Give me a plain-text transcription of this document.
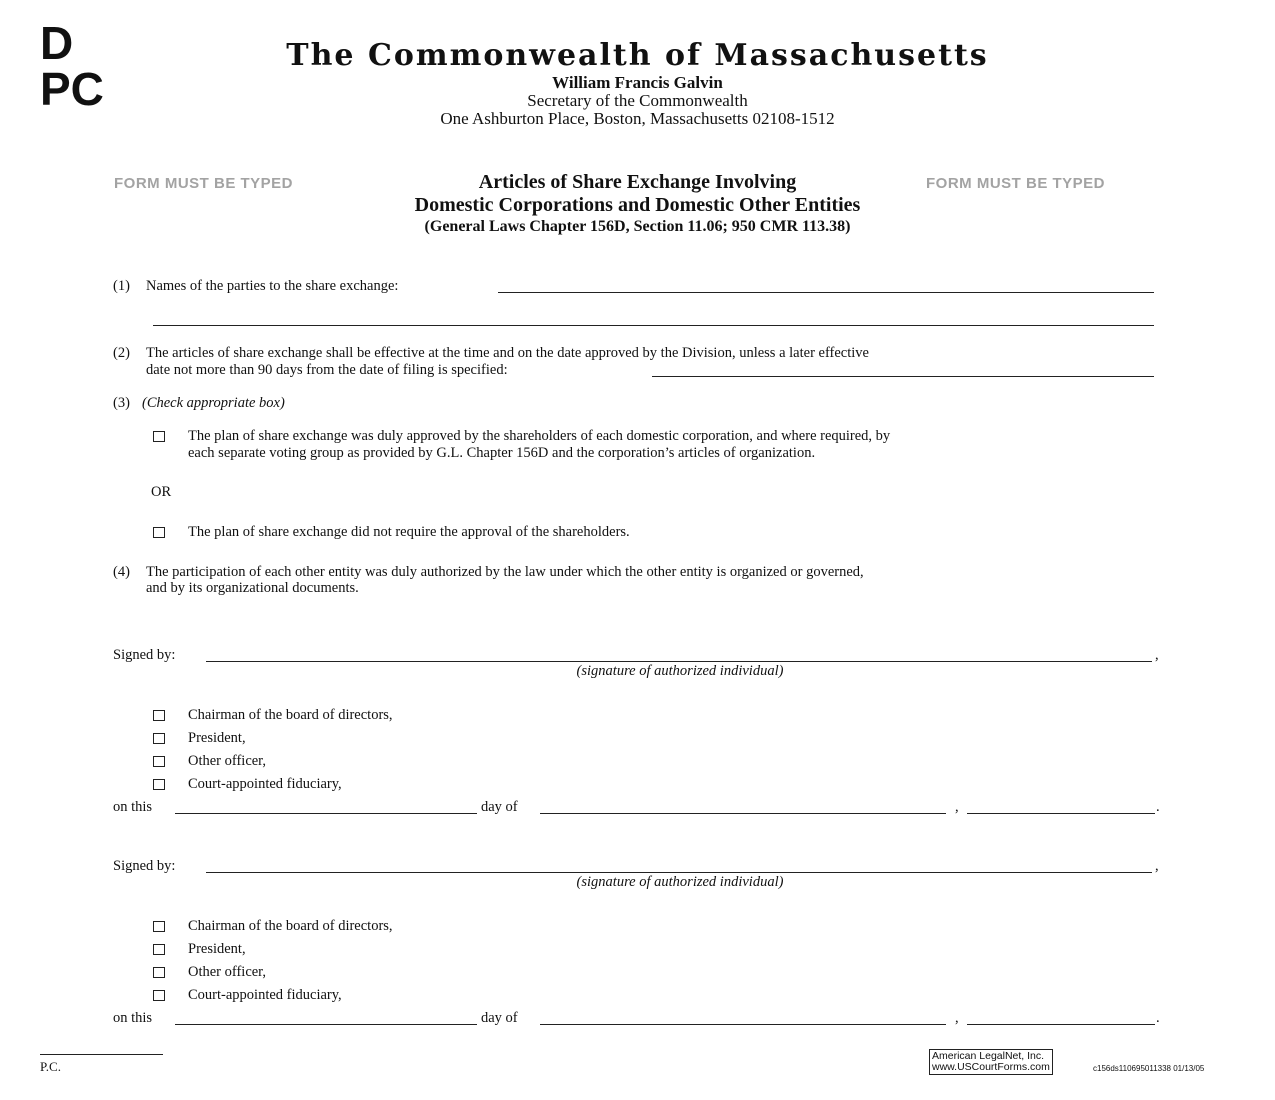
D
PC
The Commonwealth of Massachusetts
William Francis Galvin
Secretary of the Commonwealth
One Ashburton Place, Boston, Massachusetts 02108-1512
FORM MUST BE TYPED	FORM MUST BE TYPED
Articles of Share Exchange Involving
Domestic Corporations and Domestic Other Entities
(General Laws Chapter 156D, Section 11.06; 950 CMR 113.38)
(1) Names of the parties to the share exchange:
(2) The articles of share exchange shall be effective at the time and on the date approved by the Division, unless a later effective
date not more than 90 days from the date of filing is specified:
(3) (Check appropriate box)
The plan of share exchange was duly approved by the shareholders of each domestic corporation, and where required, by
each separate voting group as provided by G.L. Chapter 156D and the corporation’s articles of organization.
OR
The plan of share exchange did not require the approval of the shareholders.
(4) The participation of each other entity was duly authorized by the law under which the other entity is organized or governed,
and by its organizational documents.
Signed by:	,
(signature of authorized individual)
Chairman of the board of directors,
President,
Other officer,
Court-appointed fiduciary,
on this	day of	,	.
Signed by:	,
(signature of authorized individual)
Chairman of the board of directors,
President,
Other officer,
Court-appointed fiduciary,
on this	day of	,	.
P.C.
American LegalNet, Inc.
www.USCourtForms.com	c156ds110695011338 01/13/05
